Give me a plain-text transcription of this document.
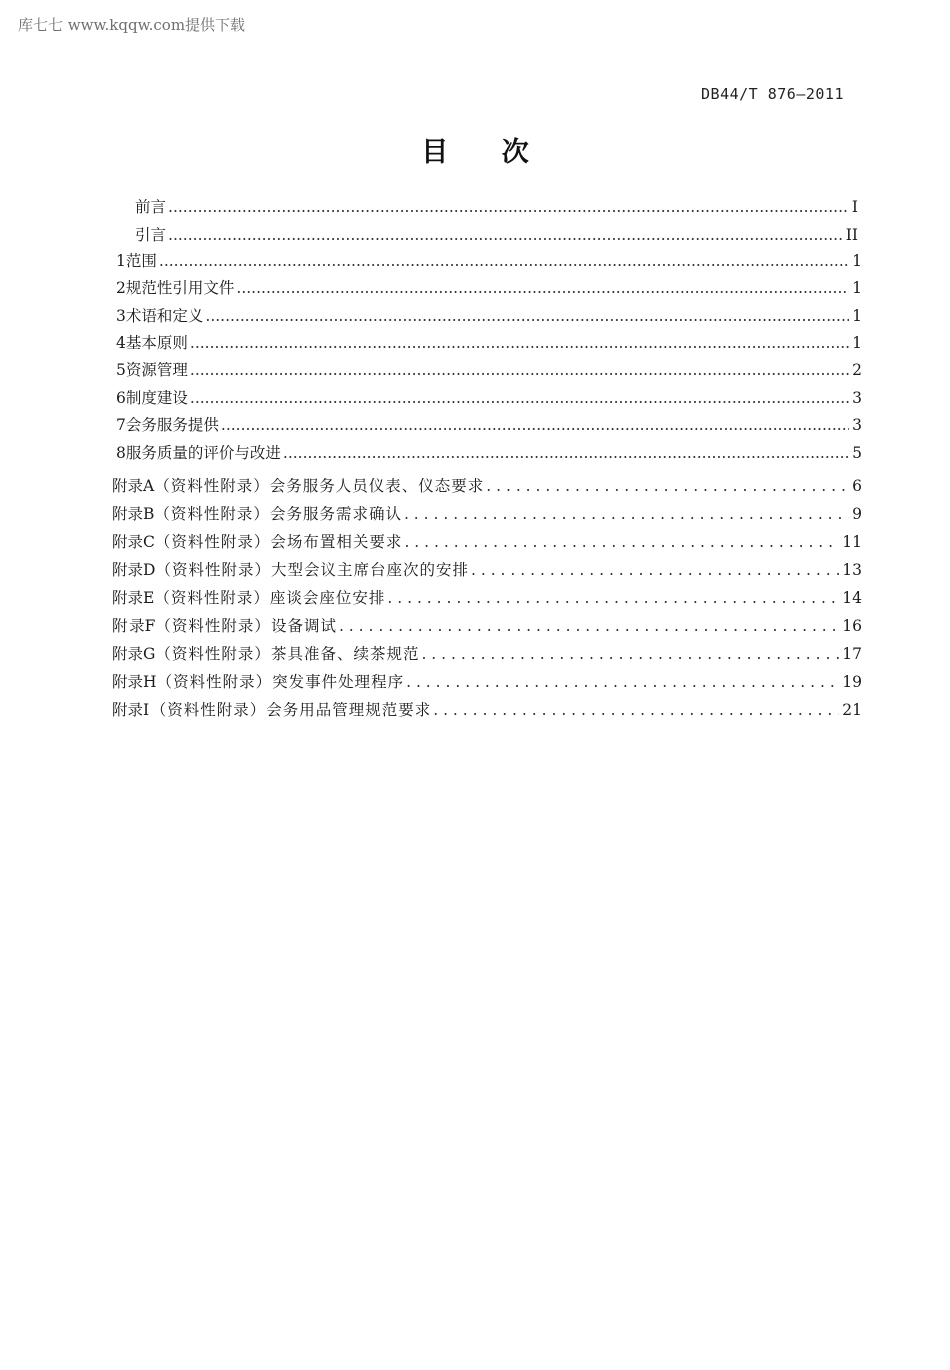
库七七 www.kqqw.com提供下载
DB44/T 876—2011
目 次
前言 .....	I
引言 .....	II
1 范围 .....	1
2 规范性引用文件 .....	1
3 术语和定义 .....	1
4 基本原则 .....	1
5 资源管理 .....	2
6 制度建设 .....	3
7 会务服务提供 .....	3
8 服务质量的评价与改进 .....	5
附 录 A （资料性附录） 会务服务人员仪表、仪态要求 . . .	6
附 录 B （资料性附录） 会务服务需求确认 . . .	9
附 录 C （资料性附录） 会场布置相关要求 . . .	11
附 录 D （资料性附录） 大型会议主席台座次的安排 . . .	13
附 录 E （资料性附录） 座谈会座位安排 . . .	14
附 录 F （资料性附录） 设备调试 . . .	16
附 录 G （资料性附录） 茶具准备、续茶规范 . . .	17
附 录 H （资料性附录） 突发事件处理程序 . . .	19
附 录 I （资料性附录） 会务用品管理规范要求 . . .	21
